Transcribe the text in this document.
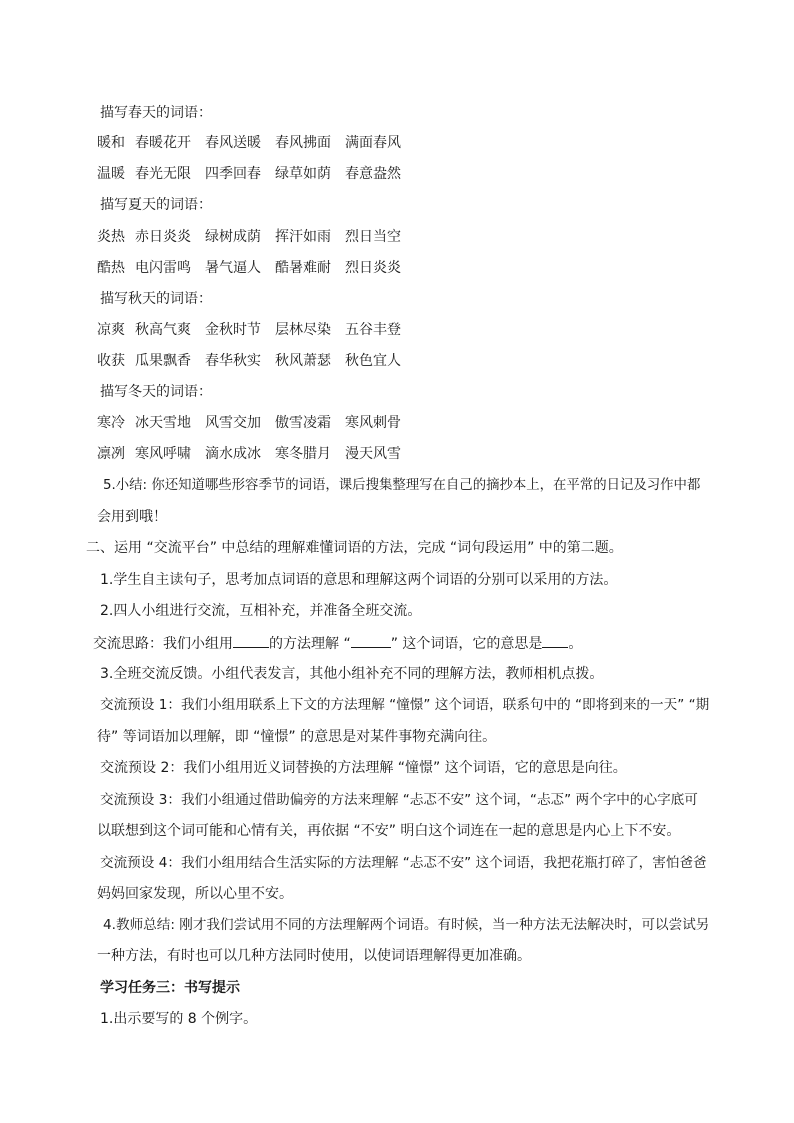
描写春天的词语：
暖和 春暖花开 春风送暖 春风拂面 满面春风
温暖 春光无限 四季回春 绿草如荫 春意盎然
描写夏天的词语：
炎热 赤日炎炎 绿树成荫 挥汗如雨 烈日当空
酷热 电闪雷鸣 暑气逼人 酷暑难耐 烈日炎炎
描写秋天的词语：
凉爽 秋高气爽 金秋时节 层林尽染 五谷丰登
收获 瓜果飘香 春华秋实 秋风萧瑟 秋色宜人
描写冬天的词语：
寒冷 冰天雪地 风雪交加 傲雪凌霜 寒风刺骨
凛冽 寒风呼啸 滴水成冰 寒冬腊月 漫天风雪
5.小结: 你还知道哪些形容季节的词语，课后搜集整理写在自己的摘抄本上，在平常的日记及习作中都
会用到哦！
二、运用 “交流平台” 中总结的理解难懂词语的方法，完成 “词句段运用” 中的第二题。
1.学生自主读句子，思考加点词语的意思和理解这两个词语的分别可以采用的方法。
2.四人小组进行交流，互相补充，并准备全班交流。
交流思路：我们小组用	的方法理解 “	” 这个词语，它的意思是 。
3.全班交流反馈。小组代表发言，其他小组补充不同的理解方法，教师相机点拨。
交流预设 1：我们小组用联系上下文的方法理解 “憧憬” 这个词语，联系句中的 “即将到来的一天” “期
待” 等词语加以理解，即 “憧憬” 的意思是对某件事物充满向往。
交流预设 2：我们小组用近义词替换的方法理解 “憧憬” 这个词语，它的意思是向往。
交流预设 3：我们小组通过借助偏旁的方法来理解 “忐忑不安” 这个词，“忐忑” 两个字中的心字底可
以联想到这个词可能和心情有关，再依据 “不安” 明白这个词连在一起的意思是内心上下不安。
交流预设 4：我们小组用结合生活实际的方法理解 “忐忑不安” 这个词语，我把花瓶打碎了，害怕爸爸
妈妈回家发现，所以心里不安。
4.教师总结: 刚才我们尝试用不同的方法理解两个词语。有时候，当一种方法无法解决时，可以尝试另
一种方法，有时也可以几种方法同时使用，以使词语理解得更加准确。
学习任务三：书写提示
1.出示要写的 8 个例字。
